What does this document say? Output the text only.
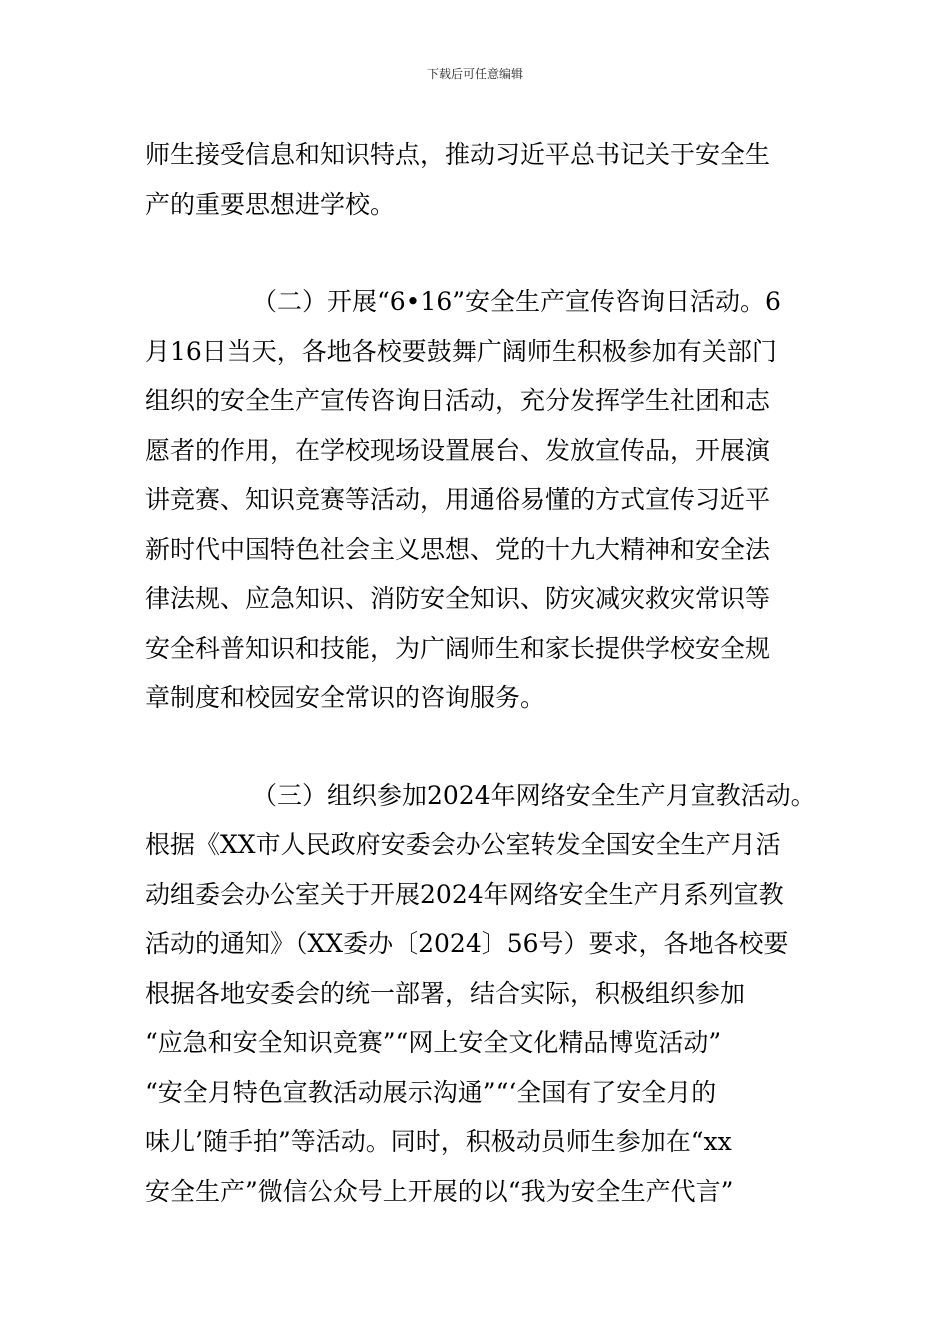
下载后可任意编辑
师生接受信息和知识特点，推动习近平总书记关于安全生
产的重要思想进学校。
（二）开展“6•16”安全生产宣传咨询日活动。6
月16日当天，各地各校要鼓舞广阔师生积极参加有关部门
组织的安全生产宣传咨询日活动，充分发挥学生社团和志
愿者的作用，在学校现场设置展台、发放宣传品，开展演
讲竞赛、知识竞赛等活动，用通俗易懂的方式宣传习近平
新时代中国特色社会主义思想、党的十九大精神和安全法
律法规、应急知识、消防安全知识、防灾减灾救灾常识等
安全科普知识和技能，为广阔师生和家长提供学校安全规
章制度和校园安全常识的咨询服务。
（三）组织参加2024年网络安全生产月宣教活动。
根据《XX市人民政府安委会办公室转发全国安全生产月活
动组委会办公室关于开展2024年网络安全生产月系列宣教
活动的通知》（XX委办〔2024〕56号）要求，各地各校要
根据各地安委会的统一部署，结合实际，积极组织参加
“应急和安全知识竞赛”“网上安全文化精品博览活动”
“安全月特色宣教活动展示沟通”“‘全国有了安全月的
味儿’随手拍”等活动。同时，积极动员师生参加在“xx
安全生产”微信公众号上开展的以“我为安全生产代言”
